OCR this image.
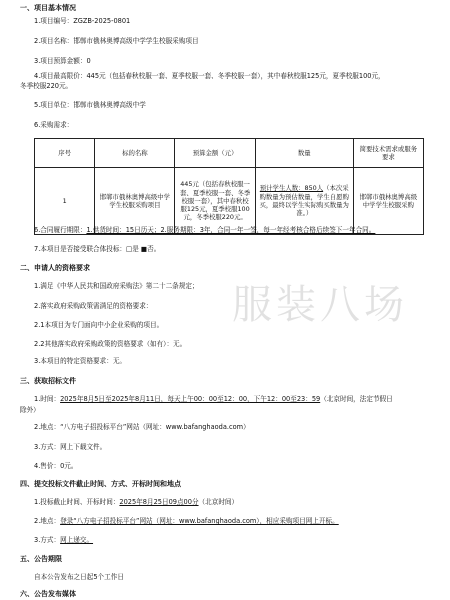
一、项目基本情况
1.项目编号：ZGZB-2025-0801
2.项目名称：邯郸市俄林奥博高级中学学生校服采购项目
3.项目预算金额：0
4.项目最高限价：445元（包括春秋校服一套、夏季校服一套、冬季校服一套），其中春秋校服125元，夏季校服100元，
冬季校服220元。
5.项目单位：邯郸市俄林奥博高级中学
6.采购需求：
序号	标的名称	预算金额（元）	数量	简要技术需求或服务要求
1	邯郸市俄林奥博高级中学学生校服采购项目	445元（包括春秋校服一套、夏季校服一套、冬季校服一套），其中春秋校服125元，夏季校服100元，冬季校服220元。	预计学生人数：850人（本次采购数量为预估数量，学生自愿购买，最终以学生实际购买数量为准。）	邯郸市俄林奥博高级中学学生校服采购
6.合同履行期限：1.供货时间：15日历天；2.服务期限：3年，合同一年一签，每一年经考核合格后续签下一年合同。
7.本项目是否接受联合体投标：□是 ■否。
二、申请人的资格要求
1.满足《中华人民共和国政府采购法》第二十二条规定；
2.落实政府采购政策需满足的资格要求：
2.1本项目为专门面向中小企业采购的项目。
2.2其他落实政府采购政策的资格要求（如有）：无。
3.本项目的特定资格要求：无。
三、获取招标文件
1.时间：2025年8月5日至2025年8月11日，每天上午00：00至12：00，下午12：00至23：59（北京时间，法定节假日
除外）
2.地点：“八方电子招投标平台”网站（网址：www.bafanghaoda.com）
3.方式：网上下载文件。
4.售价：0元。
四、提交投标文件截止时间、方式、开标时间和地点
1.投标截止时间、开标时间：2025年8月25日09点00分（北京时间）
2.地点：登录“八方电子招投标平台”网站（网址：www.bafanghaoda.com），相应采购项目网上开标。
3.方式：网上递交。
五、公告期限
自本公告发布之日起5个工作日
六、公告发布媒体
服装八场
